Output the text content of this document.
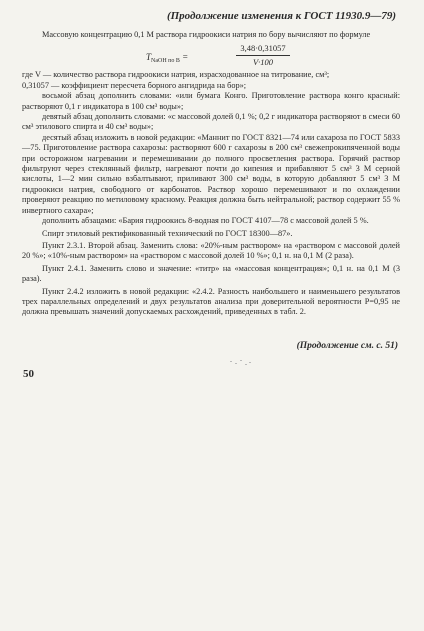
(Продолжение изменения к ГОСТ 11930.9—79)

Массовую концентрацию 0,1 М раствора гидроокиси натрия по бору вычисляют по формуле

$T_{NaOH по B}$ =	$\frac{3,48\cdot 0,31057}{V\cdot 100}$

где V — количество раствора гидроокиси натрия, израсходованное на титрование, см³;

0,31057 — коэффициент пересчета борного ангидрида на бор»;

восьмой абзац дополнить словами: «или бумага Конго. Приготовление раствора конго красный: растворяют 0,1 г индикатора в 100 см³ воды»;

девятый абзац дополнить словами: «с массовой долей 0,1 %; 0,2 г индикатора растворяют в смеси 60 см³ этилового спирта и 40 см³ воды»;

десятый абзац изложить в новой редакции: «Маннит по ГОСТ 8321—74 или сахароза по ГОСТ 5833—75. Приготовление раствора сахарозы: растворяют 600 г сахарозы в 200 см³ свежепрокипяченной воды при осторожном нагревании и перемешивании до полного просветления раствора. Горячий раствор фильтруют через стеклянный фильтр, нагревают почти до кипения и прибавляют 5 см³ 3 М серной кислоты, 1—2 мин сильно взбалтывают, приливают 300 см³ воды, в которую добавляют 5 см³ 3 М гидроокиси натрия, свободного от карбонатов. Раствор хорошо перемешивают и по охлаждении проверяют реакцию по метиловому красному. Реакция должна быть нейтральной; раствор содержит 55 % инвертного сахара»;

дополнить абзацами: «Бария гидроокись 8-водная по ГОСТ 4107—78 с массовой долей 5 %.

Спирт этиловый ректификованный технический по ГОСТ 18300—87».

Пункт 2.3.1. Второй абзац. Заменить слова: «20%-ным раствором» на «раствором с массовой долей 20 %»; «10%-ным раствором» на «раствором с массовой долей 10 %»; 0,1 н. на 0,1 М (2 раза).

Пункт 2.4.1. Заменить слово и значение: «титр» на «массовая концентрация»; 0,1 н. на 0,1 М (3 раза).

Пункт 2.4.2 изложить в новой редакции: «2.4.2. Разность наибольшего и наименьшего результатов трех параллельных определений и двух результатов анализа при доверительной вероятности P=0,95 не должна превышать значений допускаемых расхождений, приведенных в табл. 2.

(Продолжение см. с. 51)
50
